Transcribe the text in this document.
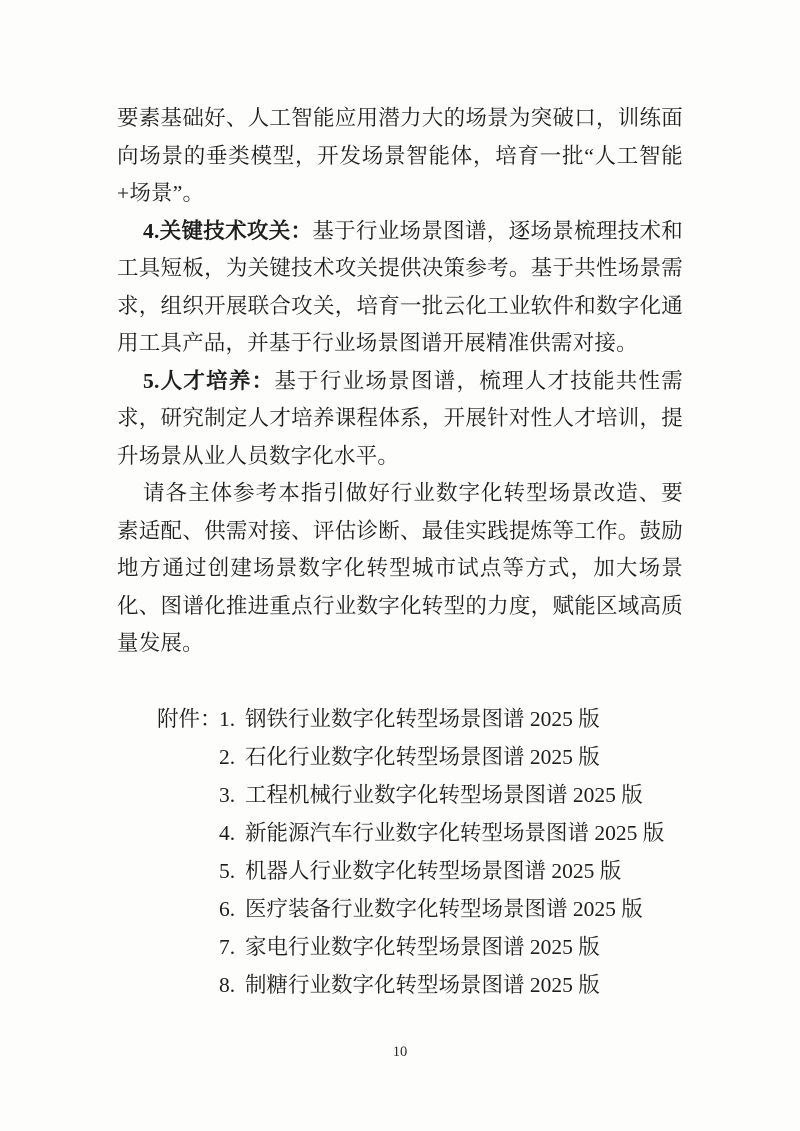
要素基础好、人工智能应用潜力大的场景为突破口，训练面向场景的垂类模型，开发场景智能体，培育一批“人工智能+场景”。

4.关键技术攻关：基于行业场景图谱，逐场景梳理技术和工具短板，为关键技术攻关提供决策参考。基于共性场景需求，组织开展联合攻关，培育一批云化工业软件和数字化通用工具产品，并基于行业场景图谱开展精准供需对接。

5.人才培养：基于行业场景图谱，梳理人才技能共性需求，研究制定人才培养课程体系，开展针对性人才培训，提升场景从业人员数字化水平。

请各主体参考本指引做好行业数字化转型场景改造、要素适配、供需对接、评估诊断、最佳实践提炼等工作。鼓励地方通过创建场景数字化转型城市试点等方式，加大场景化、图谱化推进重点行业数字化转型的力度，赋能区域高质量发展。

附件：
1. 钢铁行业数字化转型场景图谱 2025 版
2. 石化行业数字化转型场景图谱 2025 版
3. 工程机械行业数字化转型场景图谱 2025 版
4. 新能源汽车行业数字化转型场景图谱 2025 版
5. 机器人行业数字化转型场景图谱 2025 版
6. 医疗装备行业数字化转型场景图谱 2025 版
7. 家电行业数字化转型场景图谱 2025 版
8. 制糖行业数字化转型场景图谱 2025 版
10
